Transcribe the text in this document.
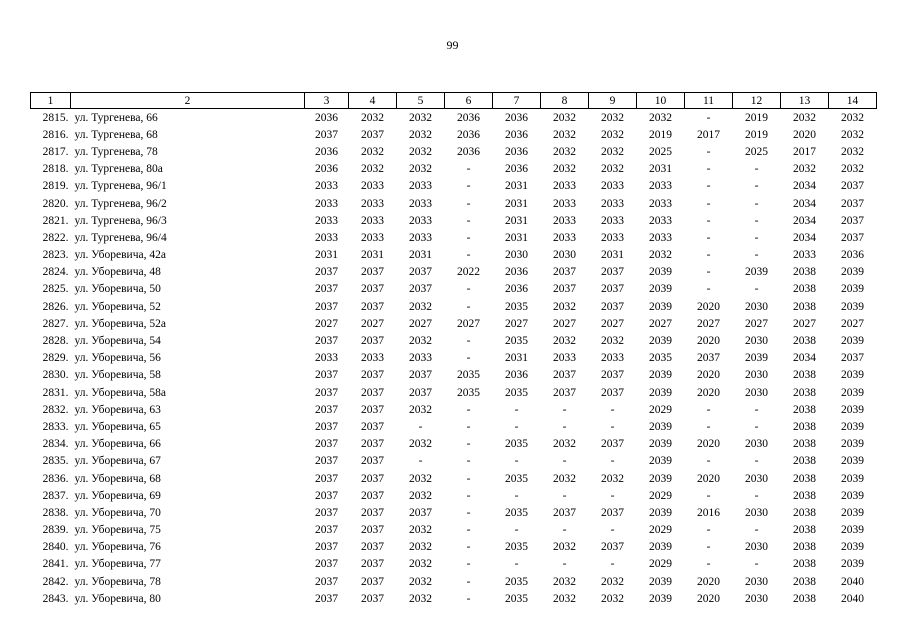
99
1	2	3	4	5	6	7	8	9	10	11	12	13	14
2815.	ул. Тургенева, 66	2036	2032	2032	2036	2036	2032	2032	2032	-	2019	2032	2032
2816.	ул. Тургенева, 68	2037	2037	2032	2036	2036	2032	2032	2019	2017	2019	2020	2032
2817.	ул. Тургенева, 78	2036	2032	2032	2036	2036	2032	2032	2025	-	2025	2017	2032
2818.	ул. Тургенева, 80а	2036	2032	2032	-	2036	2032	2032	2031	-	-	2032	2032
2819.	ул. Тургенева, 96/1	2033	2033	2033	-	2031	2033	2033	2033	-	-	2034	2037
2820.	ул. Тургенева, 96/2	2033	2033	2033	-	2031	2033	2033	2033	-	-	2034	2037
2821.	ул. Тургенева, 96/3	2033	2033	2033	-	2031	2033	2033	2033	-	-	2034	2037
2822.	ул. Тургенева, 96/4	2033	2033	2033	-	2031	2033	2033	2033	-	-	2034	2037
2823.	ул. Уборевича, 42а	2031	2031	2031	-	2030	2030	2031	2032	-	-	2033	2036
2824.	ул. Уборевича, 48	2037	2037	2037	2022	2036	2037	2037	2039	-	2039	2038	2039
2825.	ул. Уборевича, 50	2037	2037	2037	-	2036	2037	2037	2039	-	-	2038	2039
2826.	ул. Уборевича, 52	2037	2037	2032	-	2035	2032	2037	2039	2020	2030	2038	2039
2827.	ул. Уборевича, 52а	2027	2027	2027	2027	2027	2027	2027	2027	2027	2027	2027	2027
2828.	ул. Уборевича, 54	2037	2037	2032	-	2035	2032	2032	2039	2020	2030	2038	2039
2829.	ул. Уборевича, 56	2033	2033	2033	-	2031	2033	2033	2035	2037	2039	2034	2037
2830.	ул. Уборевича, 58	2037	2037	2037	2035	2036	2037	2037	2039	2020	2030	2038	2039
2831.	ул. Уборевича, 58а	2037	2037	2037	2035	2035	2037	2037	2039	2020	2030	2038	2039
2832.	ул. Уборевича, 63	2037	2037	2032	-	-	-	-	2029	-	-	2038	2039
2833.	ул. Уборевича, 65	2037	2037	-	-	-	-	-	2039	-	-	2038	2039
2834.	ул. Уборевича, 66	2037	2037	2032	-	2035	2032	2037	2039	2020	2030	2038	2039
2835.	ул. Уборевича, 67	2037	2037	-	-	-	-	-	2039	-	-	2038	2039
2836.	ул. Уборевича, 68	2037	2037	2032	-	2035	2032	2032	2039	2020	2030	2038	2039
2837.	ул. Уборевича, 69	2037	2037	2032	-	-	-	-	2029	-	-	2038	2039
2838.	ул. Уборевича, 70	2037	2037	2037	-	2035	2037	2037	2039	2016	2030	2038	2039
2839.	ул. Уборевича, 75	2037	2037	2032	-	-	-	-	2029	-	-	2038	2039
2840.	ул. Уборевича, 76	2037	2037	2032	-	2035	2032	2037	2039	-	2030	2038	2039
2841.	ул. Уборевича, 77	2037	2037	2032	-	-	-	-	2029	-	-	2038	2039
2842.	ул. Уборевича, 78	2037	2037	2032	-	2035	2032	2032	2039	2020	2030	2038	2040
2843.	ул. Уборевича, 80	2037	2037	2032	-	2035	2032	2032	2039	2020	2030	2038	2040
